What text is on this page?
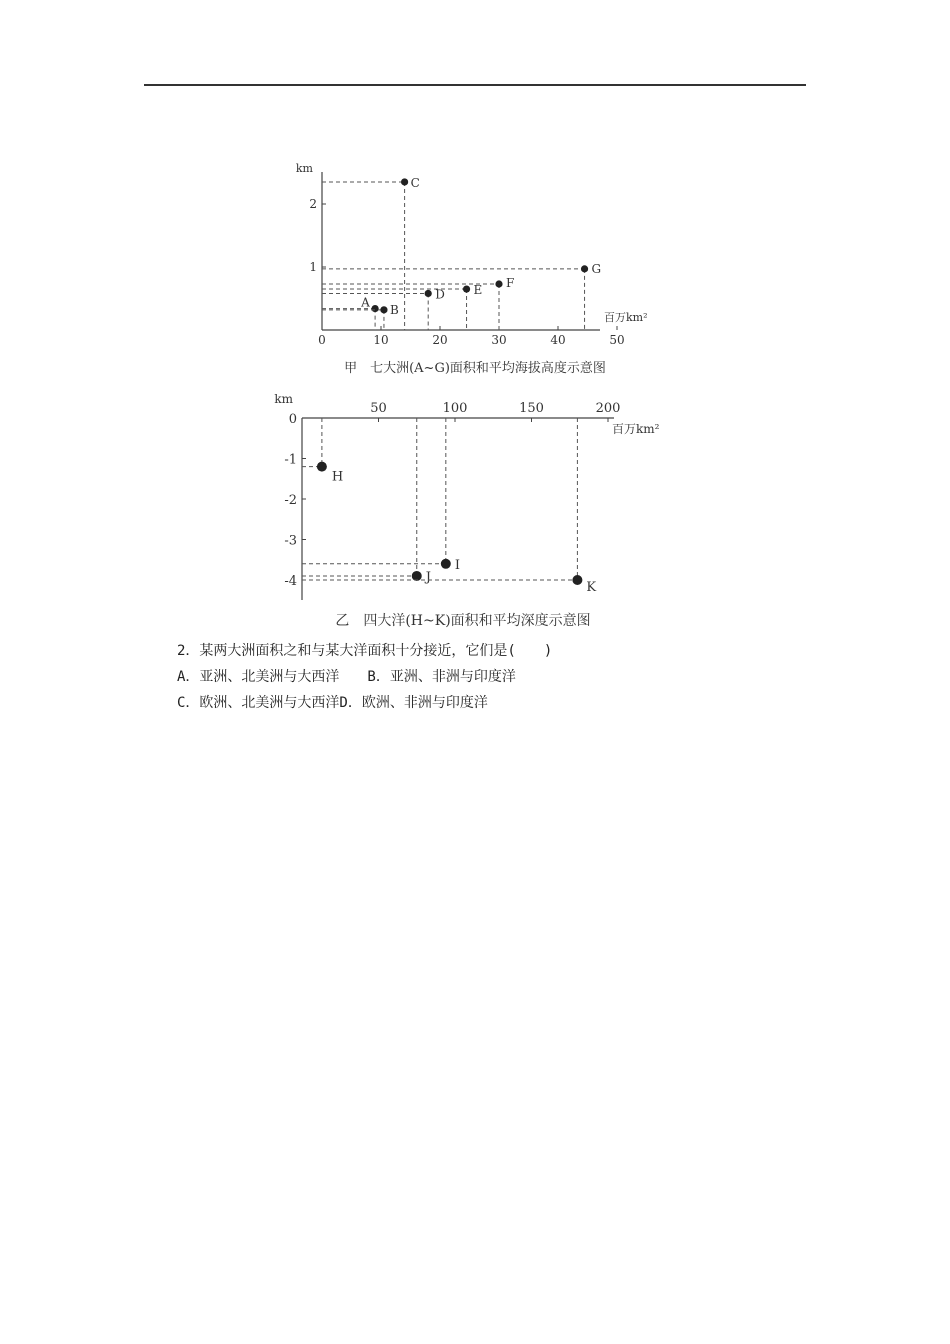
0	10	20	30	40	50
1
2
km
百万km²
A
B
C
D E
F
G
甲　七大洲(A~G)面积和平均海拔高度示意图
50	100	150	200
0
-1
-2
-3
-4
km
百万km²
H
I
J
K
乙　四大洋(H~K)面积和平均深度示意图
2．某两大洲面积之和与某大洋面积十分接近，它们是(　　)
A．亚洲、北美洲与大西洋　　B．亚洲、非洲与印度洋
C．欧洲、北美洲与大西洋D．欧洲、非洲与印度洋
